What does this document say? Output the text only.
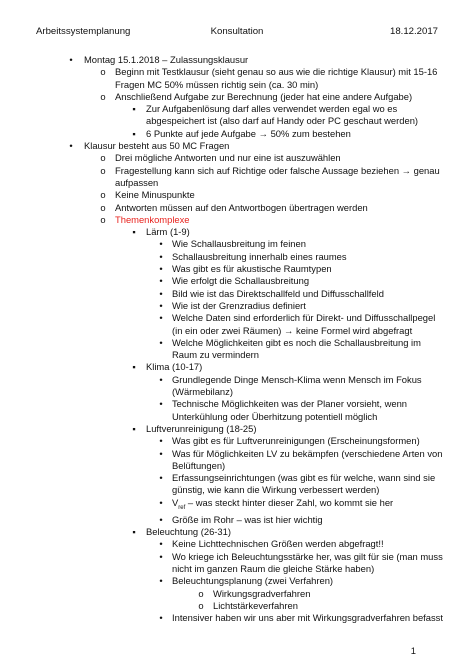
Arbeitssystemplanung	Konsultation	18.12.2017
•	Montag 15.1.2018 – Zulassungsklausur
o Beginn mit Testklausur (sieht genau so aus wie die richtige Klausur) mit 15-16 Fragen MC 50% müssen richtig sein (ca. 30 min)
o Anschließend Aufgabe zur Berechnung (jeder hat eine andere Aufgabe)
▪	Zur Aufgabenlösung darf alles verwendet werden egal wo es abgespeichert ist (also darf auf Handy oder PC geschaut werden)
▪	6 Punkte auf jede Aufgabe → 50% zum bestehen
•	Klausur besteht aus 50 MC Fragen
o Drei mögliche Antworten und nur eine ist auszuwählen
o Fragestellung kann sich auf Richtige oder falsche Aussage beziehen → genau aufpassen
o Keine Minuspunkte
o Antworten müssen auf den Antwortbogen übertragen werden
o Themenkomplexe
▪	Lärm (1-9)
• Wie Schallausbreitung im feinen
• Schallausbreitung innerhalb eines raumes
• Was gibt es für akustische Raumtypen
• Wie erfolgt die Schallausbreitung
• Bild wie ist das Direktschallfeld und Diffusschallfeld
• Wie ist der Grenzradius definiert
• Welche Daten sind erforderlich für Direkt- und Diffusschallpegel (in ein oder zwei Räumen) → keine Formel wird abgefragt
• Welche Möglichkeiten gibt es noch die Schallausbreitung im Raum zu vermindern
▪	Klima (10-17)
• Grundlegende Dinge Mensch-Klima wenn Mensch im Fokus (Wärmebilanz)
• Technische Möglichkeiten was der Planer vorsieht, wenn Unterkühlung oder Überhitzung potentiell möglich
▪	Luftverunreinigung (18-25)
• Was gibt es für Luftverunreinigungen (Erscheinungsformen)
• Was für Möglichkeiten LV zu bekämpfen (verschiedene Arten von Belüftungen)
• Erfassungseinrichtungen (was gibt es für welche, wann sind sie günstig, wie kann die Wirkung verbessert werden)
• $V_{ref}$ – was steckt hinter dieser Zahl, wo kommt sie her
• Größe im Rohr – was ist hier wichtig
▪	Beleuchtung (26-31)
• Keine Lichttechnischen Größen werden abgefragt!!
• Wo kriege ich Beleuchtungsstärke her, was gilt für sie (man muss nicht im ganzen Raum die gleiche Stärke haben)
• Beleuchtungsplanung (zwei Verfahren)
o Wirkungsgradverfahren
o Lichtstärkeverfahren
• Intensiver haben wir uns aber mit Wirkungsgradverfahren befasst
1
